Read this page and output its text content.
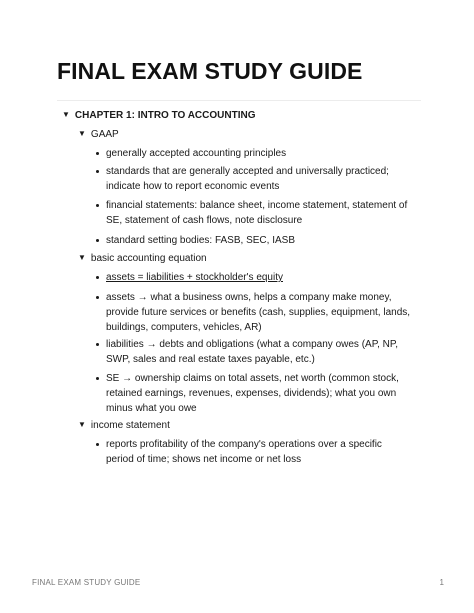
FINAL EXAM STUDY GUIDE
▼ CHAPTER 1: INTRO TO ACCOUNTING
▼ GAAP
generally accepted accounting principles
standards that are generally accepted and universally practiced; indicate how to report economic events
financial statements: balance sheet, income statement, statement of SE, statement of cash flows, note disclosure
standard setting bodies: FASB, SEC, IASB
▼ basic accounting equation
assets = liabilities + stockholder's equity
assets → what a business owns, helps a company make money, provide future services or benefits (cash, supplies, equipment, lands, buildings, computers, vehicles, AR)
liabilities → debts and obligations (what a company owes (AP, NP, SWP, sales and real estate taxes payable, etc.)
SE → ownership claims on total assets, net worth (common stock, retained earnings, revenues, expenses, dividends); what you own minus what you owe
▼ income statement
reports profitability of the company's operations over a specific period of time; shows net income or net loss
FINAL EXAM STUDY GUIDE	1
